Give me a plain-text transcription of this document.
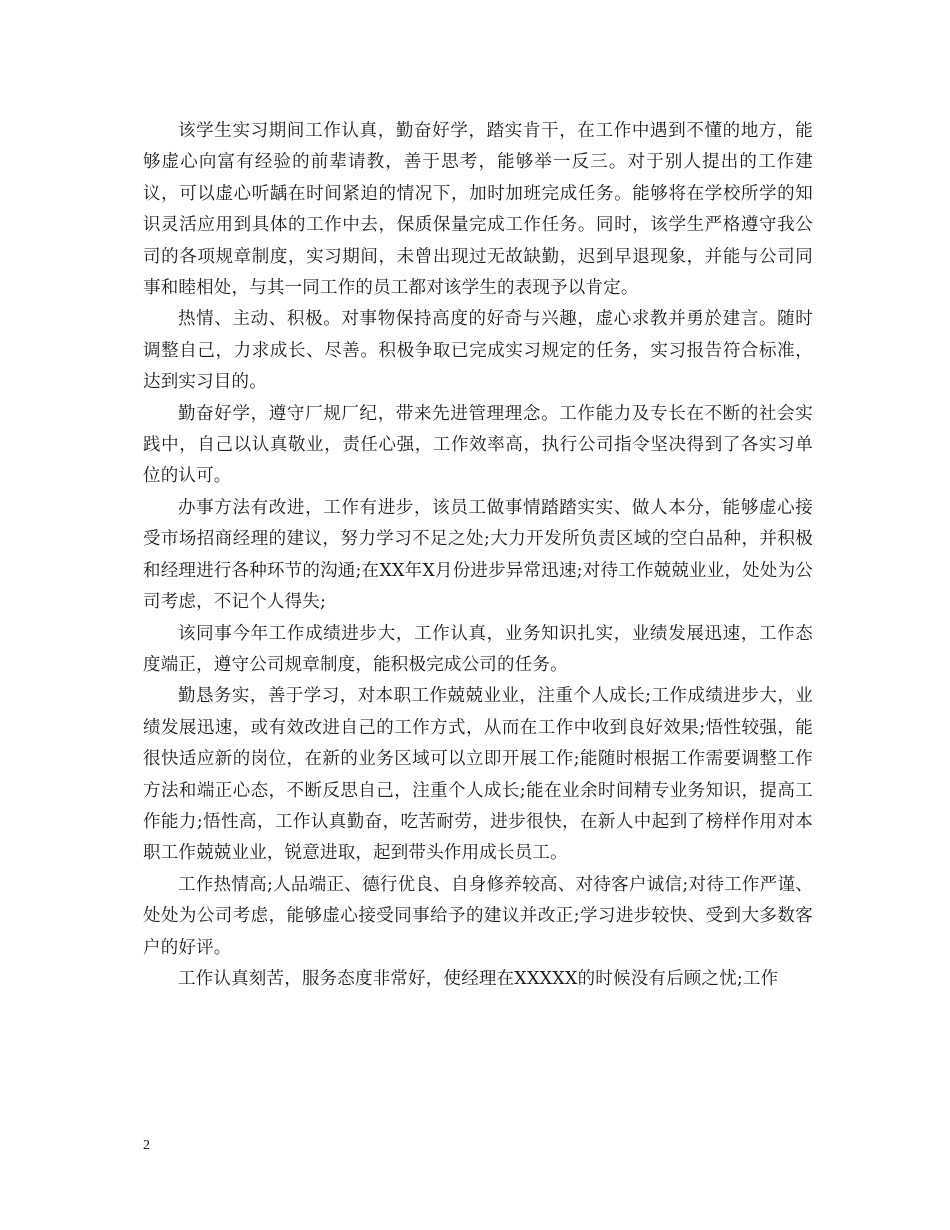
该学生实习期间工作认真，勤奋好学，踏实肯干，在工作中遇到不懂的地方，能够虚心向富有经验的前辈请教，善于思考，能够举一反三。对于别人提出的工作建议，可以虚心听龋在时间紧迫的情况下，加时加班完成任务。能够将在学校所学的知识灵活应用到具体的工作中去，保质保量完成工作任务。同时，该学生严格遵守我公司的各项规章制度，实习期间，未曾出现过无故缺勤，迟到早退现象，并能与公司同事和睦相处，与其一同工作的员工都对该学生的表现予以肯定。

热情、主动、积极。对事物保持高度的好奇与兴趣，虚心求教并勇於建言。随时调整自己，力求成长、尽善。积极争取已完成实习规定的任务，实习报告符合标准，达到实习目的。

勤奋好学，遵守厂规厂纪，带来先进管理理念。工作能力及专长在不断的社会实践中，自己以认真敬业，责任心强，工作效率高，执行公司指令坚决得到了各实习单位的认可。

办事方法有改进，工作有进步，该员工做事情踏踏实实、做人本分，能够虚心接受市场招商经理的建议，努力学习不足之处;大力开发所负责区域的空白品种，并积极和经理进行各种环节的沟通;在XX年X月份进步异常迅速;对待工作兢兢业业，处处为公司考虑，不记个人得失;

该同事今年工作成绩进步大，工作认真，业务知识扎实，业绩发展迅速，工作态度端正，遵守公司规章制度，能积极完成公司的任务。

勤恳务实，善于学习，对本职工作兢兢业业，注重个人成长;工作成绩进步大，业绩发展迅速，或有效改进自己的工作方式，从而在工作中收到良好效果;悟性较强，能很快适应新的岗位，在新的业务区域可以立即开展工作;能随时根据工作需要调整工作方法和端正心态，不断反思自己，注重个人成长;能在业余时间精专业务知识，提高工作能力;悟性高，工作认真勤奋，吃苦耐劳，进步很快，在新人中起到了榜样作用对本职工作兢兢业业，锐意进取，起到带头作用成长员工。

工作热情高;人品端正、德行优良、自身修养较高、对待客户诚信;对待工作严谨、处处为公司考虑，能够虚心接受同事给予的建议并改正;学习进步较快、受到大多数客户的好评。

工作认真刻苦，服务态度非常好，使经理在XXXXX的时候没有后顾之忧;工作

2
